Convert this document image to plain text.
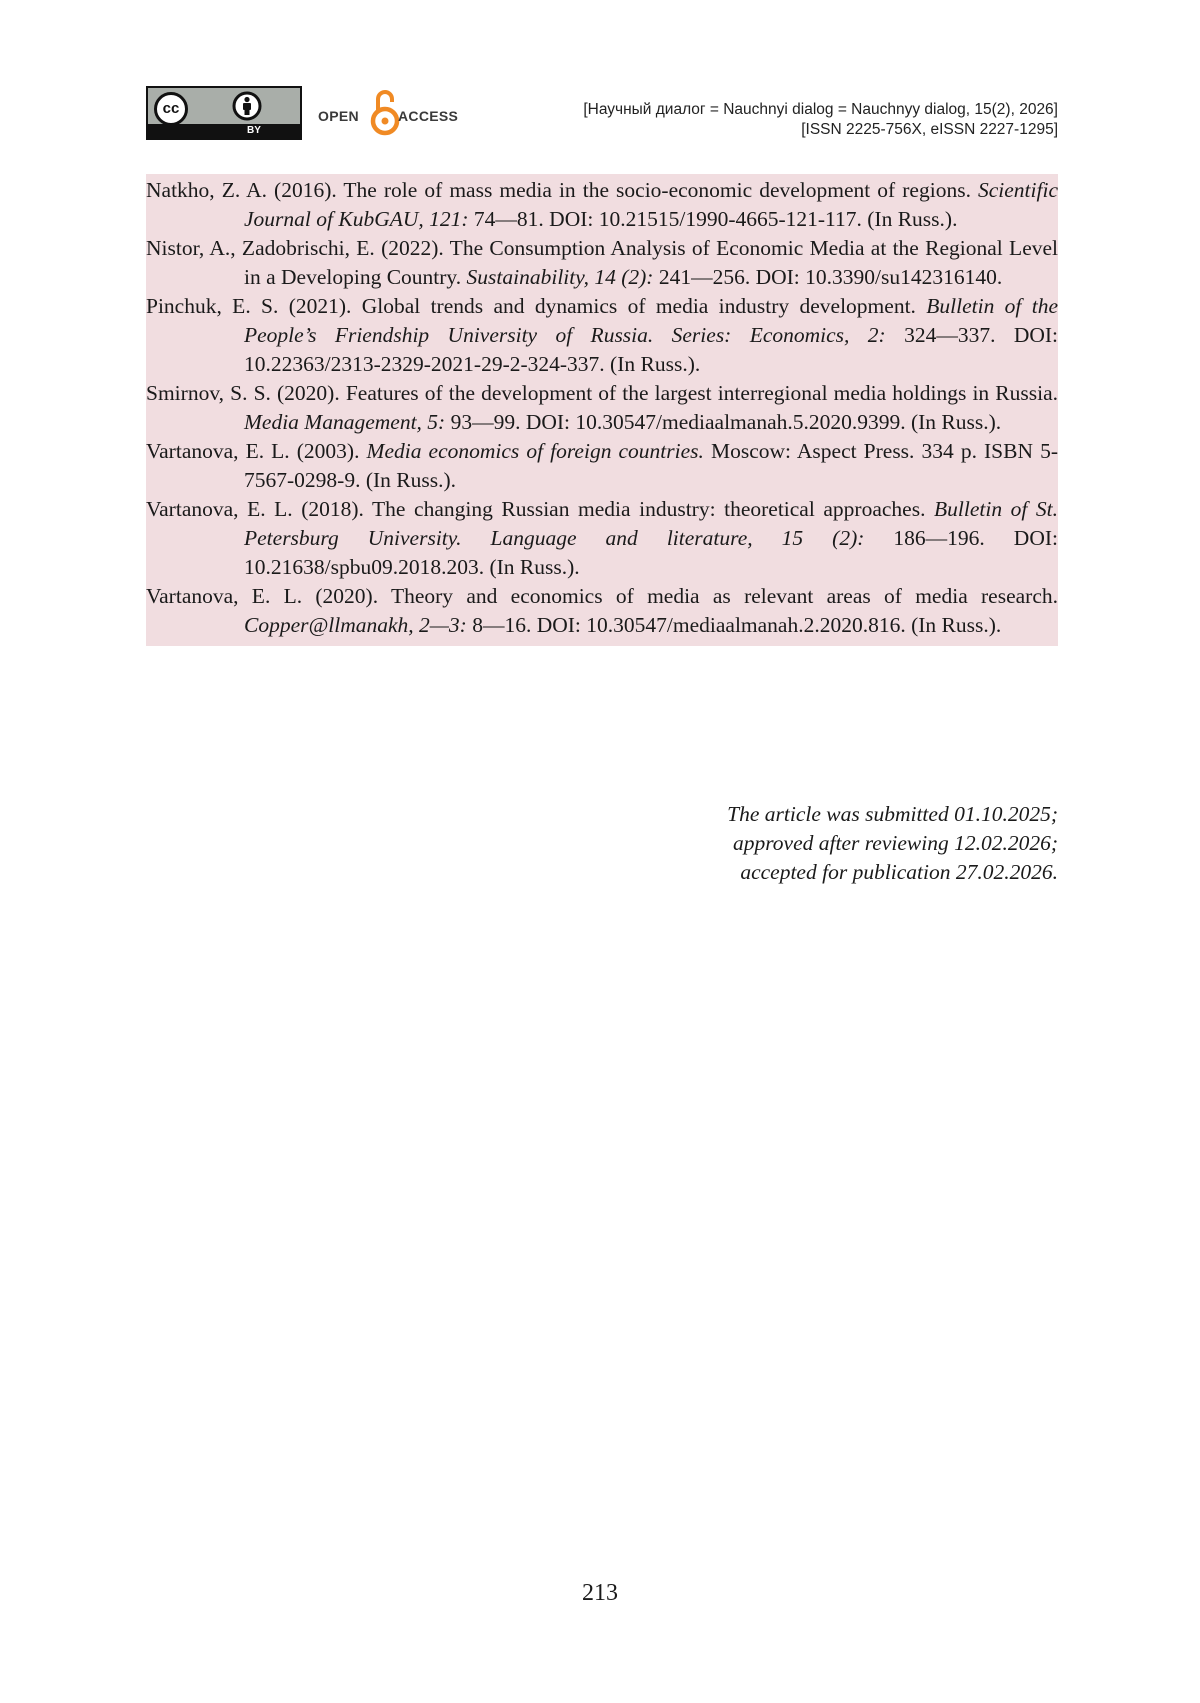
cc
BY
OPEN	ACCESS	[Научный диалог = Nauchnyi dialog = Nauchnyy dialog, 15(2), 2026]
[ISSN 2225-756X, eISSN 2227-1295]

Natkho, Z. A. (2016). The role of mass media in the socio-economic development of regions. Scientific Journal of KubGAU, 121: 74—81. DOI: 10.21515/1990-4665-121-117. (In Russ.).

Nistor, A., Zadobrischi, E. (2022). The Consumption Analysis of Economic Media at the Regional Level in a Developing Country. Sustainability, 14 (2): 241—256. DOI: 10.3390/su142316140.

Pinchuk, E. S. (2021). Global trends and dynamics of media industry development. Bulletin of the People’s Friendship University of Russia. Series: Economics, 2: 324—337. DOI: 10.22363/2313-2329-2021-29-2-324-337. (In Russ.).

Smirnov, S. S. (2020). Features of the development of the largest interregional media holdings in Russia. Media Management, 5: 93—99. DOI: 10.30547/mediaalmanah.5.2020.9399. (In Russ.).

Vartanova, E. L. (2003). Media economics of foreign countries. Moscow: Aspect Press. 334 p. ISBN 5-7567-0298-9. (In Russ.).

Vartanova, E. L. (2018). The changing Russian media industry: theoretical approaches. Bulletin of St. Petersburg University. Language and literature, 15 (2): 186—196. DOI: 10.21638/spbu09.2018.203. (In Russ.).

Vartanova, E. L. (2020). Theory and economics of media as relevant areas of media research. Copper@llmanakh, 2—3: 8—16. DOI: 10.30547/mediaalmanah.2.2020.816. (In Russ.).

The article was submitted 01.10.2025;
approved after reviewing 12.02.2026;
accepted for publication 27.02.2026.
213
